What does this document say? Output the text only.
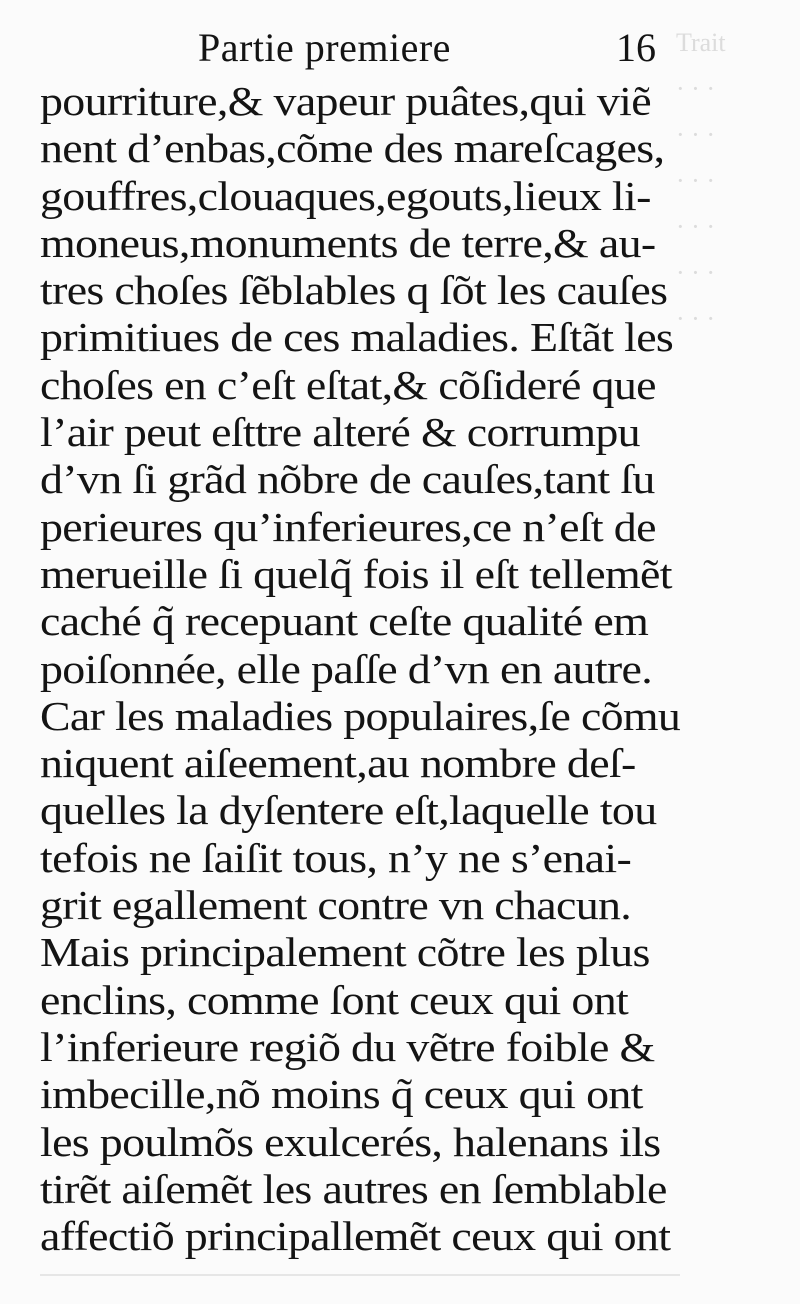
Trait
· · ·
· · ·
· · ·
· · ·
· · ·
· · ·
Partie premiere	16
pourriture,& vapeur puâtes,qui viẽ
nent d’enbas,cõme des mareſcages,
gouffres,clouaques,egouts,lieux li-
moneus,monuments de terre,& au-
tres choſes ſẽblables q ſõt les cauſes
primitiues de ces maladies. Eſtãt les
choſes en c’eſt eſtat,& cõſideré que
l’air peut eſttre alteré & corrumpu
d’vn ſi grãd nõbre de cauſes,tant ſu
perieures qu’inferieures,ce n’eſt de
merueille ſi quelq̃ fois il eſt tellemẽt
caché q̃ recepuant ceſte qualité em
poiſonnée, elle paſſe d’vn en autre.
Car les maladies populaires,ſe cõmu
niquent aiſeement,au nombre deſ-
quelles la dyſentere eſt,laquelle tou
tefois ne ſaiſit tous, n’y ne s’enai-
grit egallement contre vn chacun.
Mais principalement cõtre les plus
enclins, comme ſont ceux qui ont
l’inferieure regiõ du vẽtre foible &
imbecille,nõ moins q̃ ceux qui ont
les poulmõs exulcerés, halenans ils
tirẽt aiſemẽt les autres en ſemblable
affectiõ principallemẽt ceux qui ont
